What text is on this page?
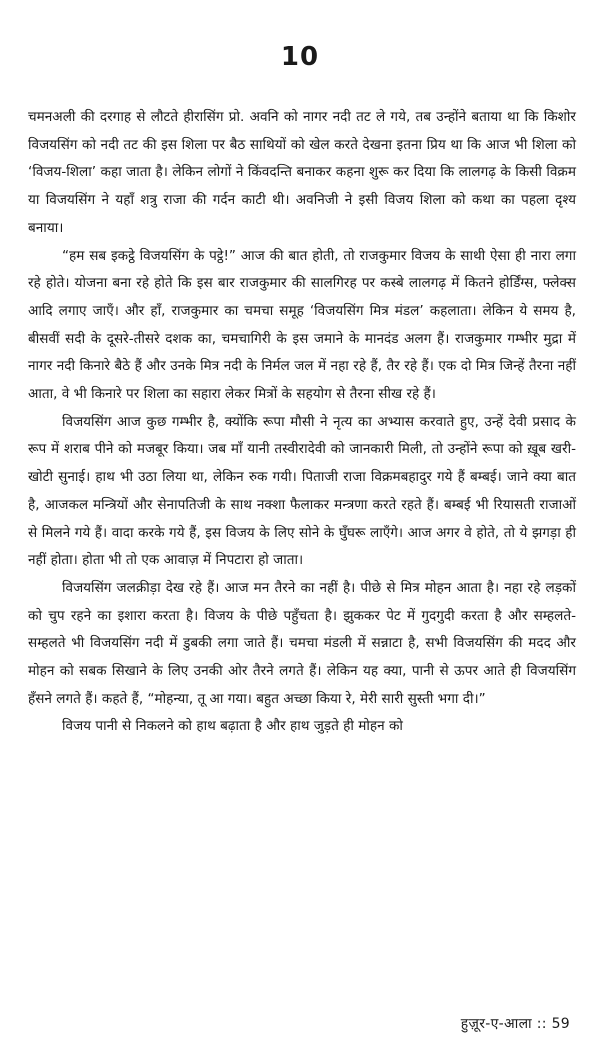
10

चमनअली की दरगाह से लौटते हीरासिंग प्रो. अवनि को नागर नदी तट ले गये, तब उन्होंने बताया था कि किशोर विजयसिंग को नदी तट की इस शिला पर बैठ साथियों को खेल करते देखना इतना प्रिय था कि आज भी शिला को ‘विजय-शिला’ कहा जाता है। लेकिन लोगों ने किंवदन्ति बनाकर कहना शुरू कर दिया कि लालगढ़ के किसी विक्रम या विजयसिंग ने यहाँ शत्रु राजा की गर्दन काटी थी। अवनिजी ने इसी विजय शिला को कथा का पहला दृश्य बनाया।

“हम सब इकट्ठे विजयसिंग के पट्ठे!” आज की बात होती, तो राजकुमार विजय के साथी ऐसा ही नारा लगा रहे होते। योजना बना रहे होते कि इस बार राजकुमार की सालगिरह पर कस्बे लालगढ़ में कितने होर्डिंग्स, फ्लेक्स आदि लगाए जाएँ। और हाँ, राजकुमार का चमचा समूह ‘विजयसिंग मित्र मंडल’ कहलाता। लेकिन ये समय है, बीसवीं सदी के दूसरे-तीसरे दशक का, चमचागिरी के इस जमाने के मानदंड अलग हैं। राजकुमार गम्भीर मुद्रा में नागर नदी किनारे बैठे हैं और उनके मित्र नदी के निर्मल जल में नहा रहे हैं, तैर रहे हैं। एक दो मित्र जिन्हें तैरना नहीं आता, वे भी किनारे पर शिला का सहारा लेकर मित्रों के सहयोग से तैरना सीख रहे हैं।

विजयसिंग आज कुछ गम्भीर है, क्योंकि रूपा मौसी ने नृत्य का अभ्यास करवाते हुए, उन्हें देवी प्रसाद के रूप में शराब पीने को मजबूर किया। जब माँ यानी तस्वीरादेवी को जानकारी मिली, तो उन्होंने रूपा को ख़ूब खरी-खोटी सुनाई। हाथ भी उठा लिया था, लेकिन रुक गयी। पिताजी राजा विक्रमबहादुर गये हैं बम्बई। जाने क्या बात है, आजकल मन्त्रियों और सेनापतिजी के साथ नक्शा फैलाकर मन्त्रणा करते रहते हैं। बम्बई भी रियासती राजाओं से मिलने गये हैं। वादा करके गये हैं, इस विजय के लिए सोने के घुँघरू लाएँगे। आज अगर वे होते, तो ये झगड़ा ही नहीं होता। होता भी तो एक आवाज़ में निपटारा हो जाता।

विजयसिंग जलक्रीड़ा देख रहे हैं। आज मन तैरने का नहीं है। पीछे से मित्र मोहन आता है। नहा रहे लड़कों को चुप रहने का इशारा करता है। विजय के पीछे पहुँचता है। झुककर पेट में गुदगुदी करता है और सम्हलते-सम्हलते भी विजयसिंग नदी में डुबकी लगा जाते हैं। चमचा मंडली में सन्नाटा है, सभी विजयसिंग की मदद और मोहन को सबक सिखाने के लिए उनकी ओर तैरने लगते हैं। लेकिन यह क्या, पानी से ऊपर आते ही विजयसिंग हँसने लगते हैं। कहते हैं, “मोहन्या, तू आ गया। बहुत अच्छा किया रे, मेरी सारी सुस्ती भगा दी।”

विजय पानी से निकलने को हाथ बढ़ाता है और हाथ जुड़ते ही मोहन को

हुज़ूर-ए-आला :: 59
